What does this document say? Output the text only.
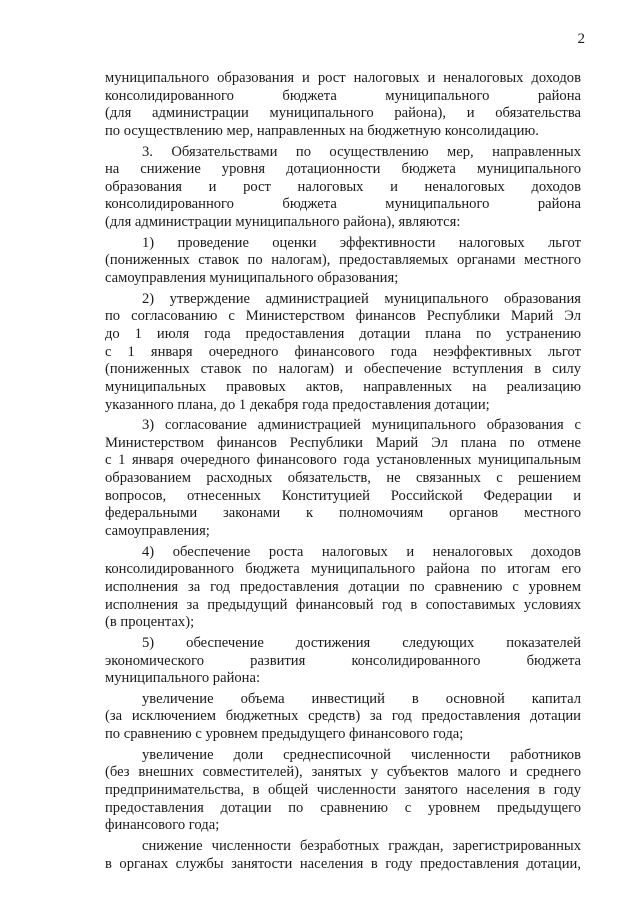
2
муниципального образования и рост налоговых и неналоговых доходов
консолидированного бюджета муниципального района
(для администрации муниципального района), и обязательства
по осуществлению мер, направленных на бюджетную консолидацию.
3. Обязательствами по осуществлению мер, направленных
на снижение уровня дотационности бюджета муниципального
образования и рост налоговых и неналоговых доходов
консолидированного бюджета муниципального района
(для администрации муниципального района), являются:
1) проведение оценки эффективности налоговых льгот
(пониженных ставок по налогам), предоставляемых органами местного
самоуправления муниципального образования;
2) утверждение администрацией муниципального образования
по согласованию с Министерством финансов Республики Марий Эл
до 1 июля года предоставления дотации плана по устранению
с 1 января очередного финансового года неэффективных льгот
(пониженных ставок по налогам) и обеспечение вступления в силу
муниципальных правовых актов, направленных на реализацию
указанного плана, до 1 декабря года предоставления дотации;
3) согласование администрацией муниципального образования с
Министерством финансов Республики Марий Эл плана по отмене
с 1 января очередного финансового года установленных муниципальным
образованием расходных обязательств, не связанных с решением
вопросов, отнесенных Конституцией Российской Федерации и
федеральными законами к полномочиям органов местного
самоуправления;
4) обеспечение роста налоговых и неналоговых доходов
консолидированного бюджета муниципального района по итогам его
исполнения за год предоставления дотации по сравнению с уровнем
исполнения за предыдущий финансовый год в сопоставимых условиях
(в процентах);
5) обеспечение достижения следующих показателей
экономического развития консолидированного бюджета
муниципального района:
увеличение объема инвестиций в основной капитал
(за исключением бюджетных средств) за год предоставления дотации
по сравнению с уровнем предыдущего финансового года;
увеличение доли среднесписочной численности работников
(без внешних совместителей), занятых у субъектов малого и среднего
предпринимательства, в общей численности занятого населения в году
предоставления дотации по сравнению с уровнем предыдущего
финансового года;
снижение численности безработных граждан, зарегистрированных
в органах службы занятости населения в году предоставления дотации,
